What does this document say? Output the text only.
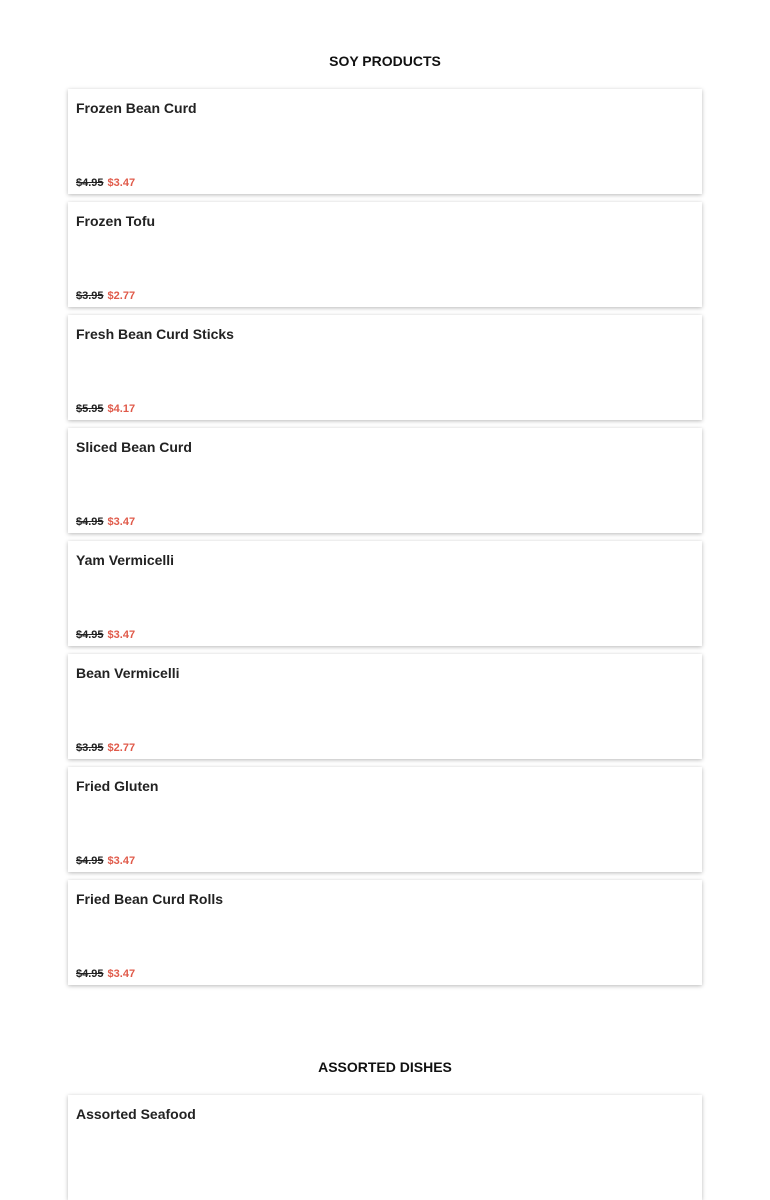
SOY PRODUCTS
Frozen Bean Curd
$4.95 $3.47
Frozen Tofu
$3.95 $2.77
Fresh Bean Curd Sticks
$5.95 $4.17
Sliced Bean Curd
$4.95 $3.47
Yam Vermicelli
$4.95 $3.47
Bean Vermicelli
$3.95 $2.77
Fried Gluten
$4.95 $3.47
Fried Bean Curd Rolls
$4.95 $3.47
ASSORTED DISHES
Assorted Seafood
